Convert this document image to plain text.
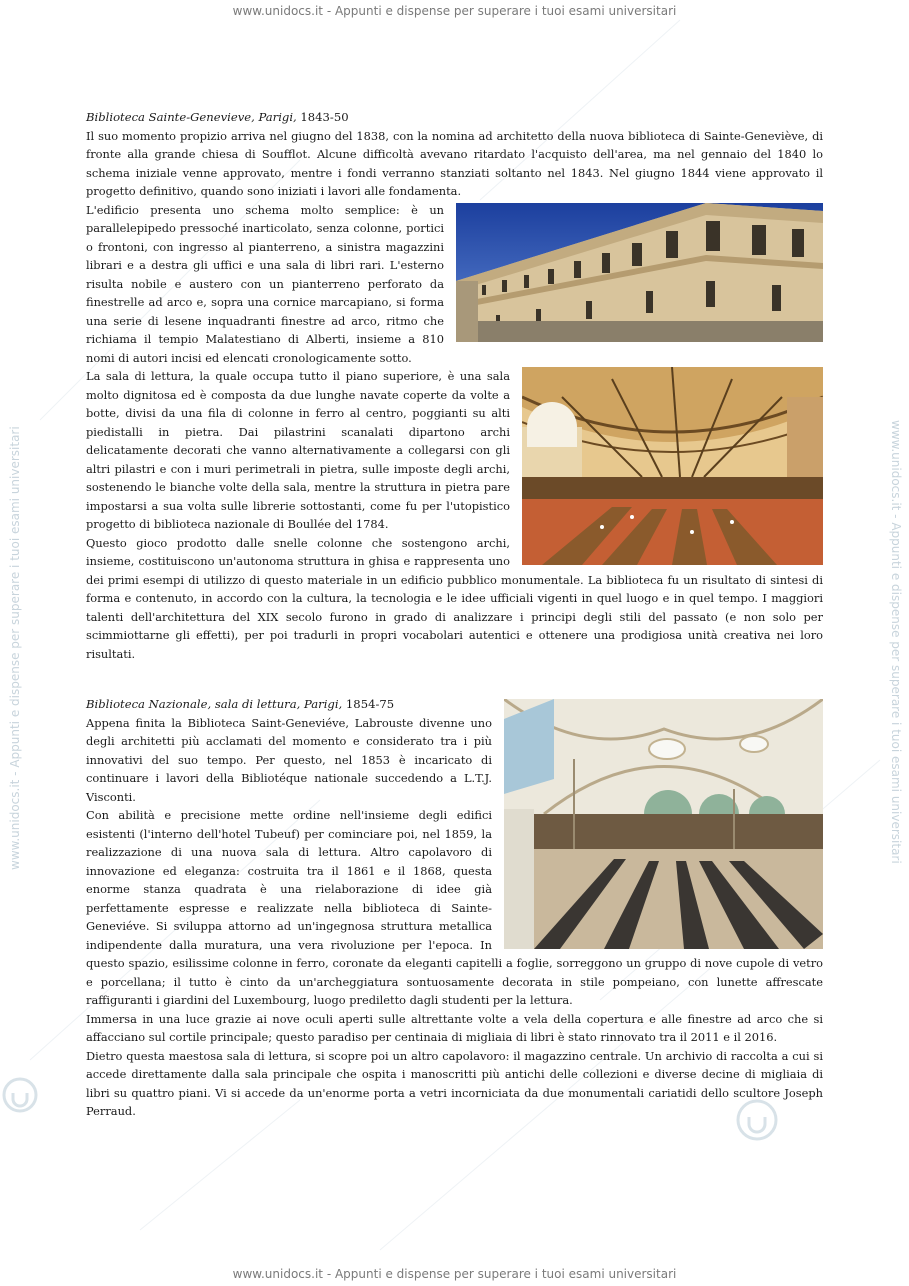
www.unidocs.it - Appunti e dispense per superare i tuoi esami universitari
www.unidocs.it - Appunti e dispense per superare i tuoi esami universitari	www.unidocs.it - Appunti e dispense per superare i tuoi esami universitari

Biblioteca Sainte-Genevieve, Parigi, 1843-50

Il suo momento propizio arriva nel giugno del 1838, con la nomina ad architetto della nuova biblioteca di Sainte-Geneviève, di fronte alla grande chiesa di Soufflot. Alcune difficoltà avevano ritardato l'acquisto dell'area, ma nel gennaio del 1840 lo schema iniziale venne approvato, mentre i fondi verranno stanziati soltanto nel 1843. Nel giugno 1844 viene approvato il progetto definitivo, quando sono iniziati i lavori alle fondamenta.

L'edificio presenta uno schema molto semplice: è un parallelepipedo pressoché inarticolato, senza colonne, portici o frontoni, con ingresso al pianterreno, a sinistra magazzini librari e a destra gli uffici e una sala di libri rari. L'esterno risulta nobile e austero con un pianterreno perforato da finestrelle ad arco e, sopra una cornice marcapiano, si forma una serie di lesene inquadranti finestre ad arco, ritmo che richiama il tempio Malatestiano di Alberti, insieme a 810 nomi di autori incisi ed elencati cronologicamente sotto.

La sala di lettura, la quale occupa tutto il piano superiore, è una sala molto dignitosa ed è composta da due lunghe navate coperte da volte a botte, divisi da una fila di colonne in ferro al centro, poggianti su alti piedistalli in pietra. Dai pilastrini scanalati dipartono archi delicatamente decorati che vanno alternativamente a collegarsi con gli altri pilastri e con i muri perimetrali in pietra, sulle imposte degli archi, sostenendo le bianche volte della sala, mentre la struttura in pietra pare impostarsi a sua volta sulle librerie sottostanti, come fu per l'utopistico progetto di biblioteca nazionale di Boullée del 1784.

Questo gioco prodotto dalle snelle colonne che sostengono archi, insieme, costituiscono un'autonoma struttura in ghisa e rappresenta uno dei primi esempi di utilizzo di questo materiale in un edificio pubblico monumentale. La biblioteca fu un risultato di sintesi di forma e contenuto, in accordo con la cultura, la tecnologia e le idee ufficiali vigenti in quel luogo e in quel tempo. I maggiori talenti dell'architettura del XIX secolo furono in grado di analizzare i principi degli stili del passato (e non solo per scimmiottarne gli effetti), per poi tradurli in propri vocabolari autentici e ottenere una prodigiosa unità creativa nei loro risultati.

Biblioteca Nazionale, sala di lettura, Parigi, 1854-75

Appena finita la Biblioteca Saint-Geneviéve, Labrouste divenne uno degli architetti più acclamati del momento e considerato tra i più innovativi del suo tempo. Per questo, nel 1853 è incaricato di continuare i lavori della Bibliotéque nationale succedendo a L.T.J. Visconti.

Con abilità e precisione mette ordine nell'insieme degli edifici esistenti (l'interno dell'hotel Tubeuf) per cominciare poi, nel 1859, la realizzazione di una nuova sala di lettura. Altro capolavoro di innovazione ed eleganza: costruita tra il 1861 e il 1868, questa enorme stanza quadrata è una rielaborazione di idee già perfettamente espresse e realizzate nella biblioteca di Sainte-Geneviéve. Si sviluppa attorno ad un'ingegnosa struttura metallica indipendente dalla muratura, una vera rivoluzione per l'epoca. In questo spazio, esilissime colonne in ferro, coronate da eleganti capitelli a foglie, sorreggono un gruppo di nove cupole di vetro e porcellana; il tutto è cinto da un'archeggiatura sontuosamente decorata in stile pompeiano, con lunette affrescate raffiguranti i giardini del Luxembourg, luogo prediletto dagli studenti per la lettura.

Immersa in una luce grazie ai nove oculi aperti sulle altrettante volte a vela della copertura e alle finestre ad arco che si affacciano sul cortile principale; questo paradiso per centinaia di migliaia di libri è stato rinnovato tra il 2011 e il 2016.

Dietro questa maestosa sala di lettura, si scopre poi un altro capolavoro: il magazzino centrale. Un archivio di raccolta a cui si accede direttamente dalla sala principale che ospita i manoscritti più antichi delle collezioni e diverse decine di migliaia di libri su quattro piani. Vi si accede da un'enorme porta a vetri incorniciata da due monumentali cariatidi dello scultore Joseph Perraud.

www.unidocs.it - Appunti e dispense per superare i tuoi esami universitari
